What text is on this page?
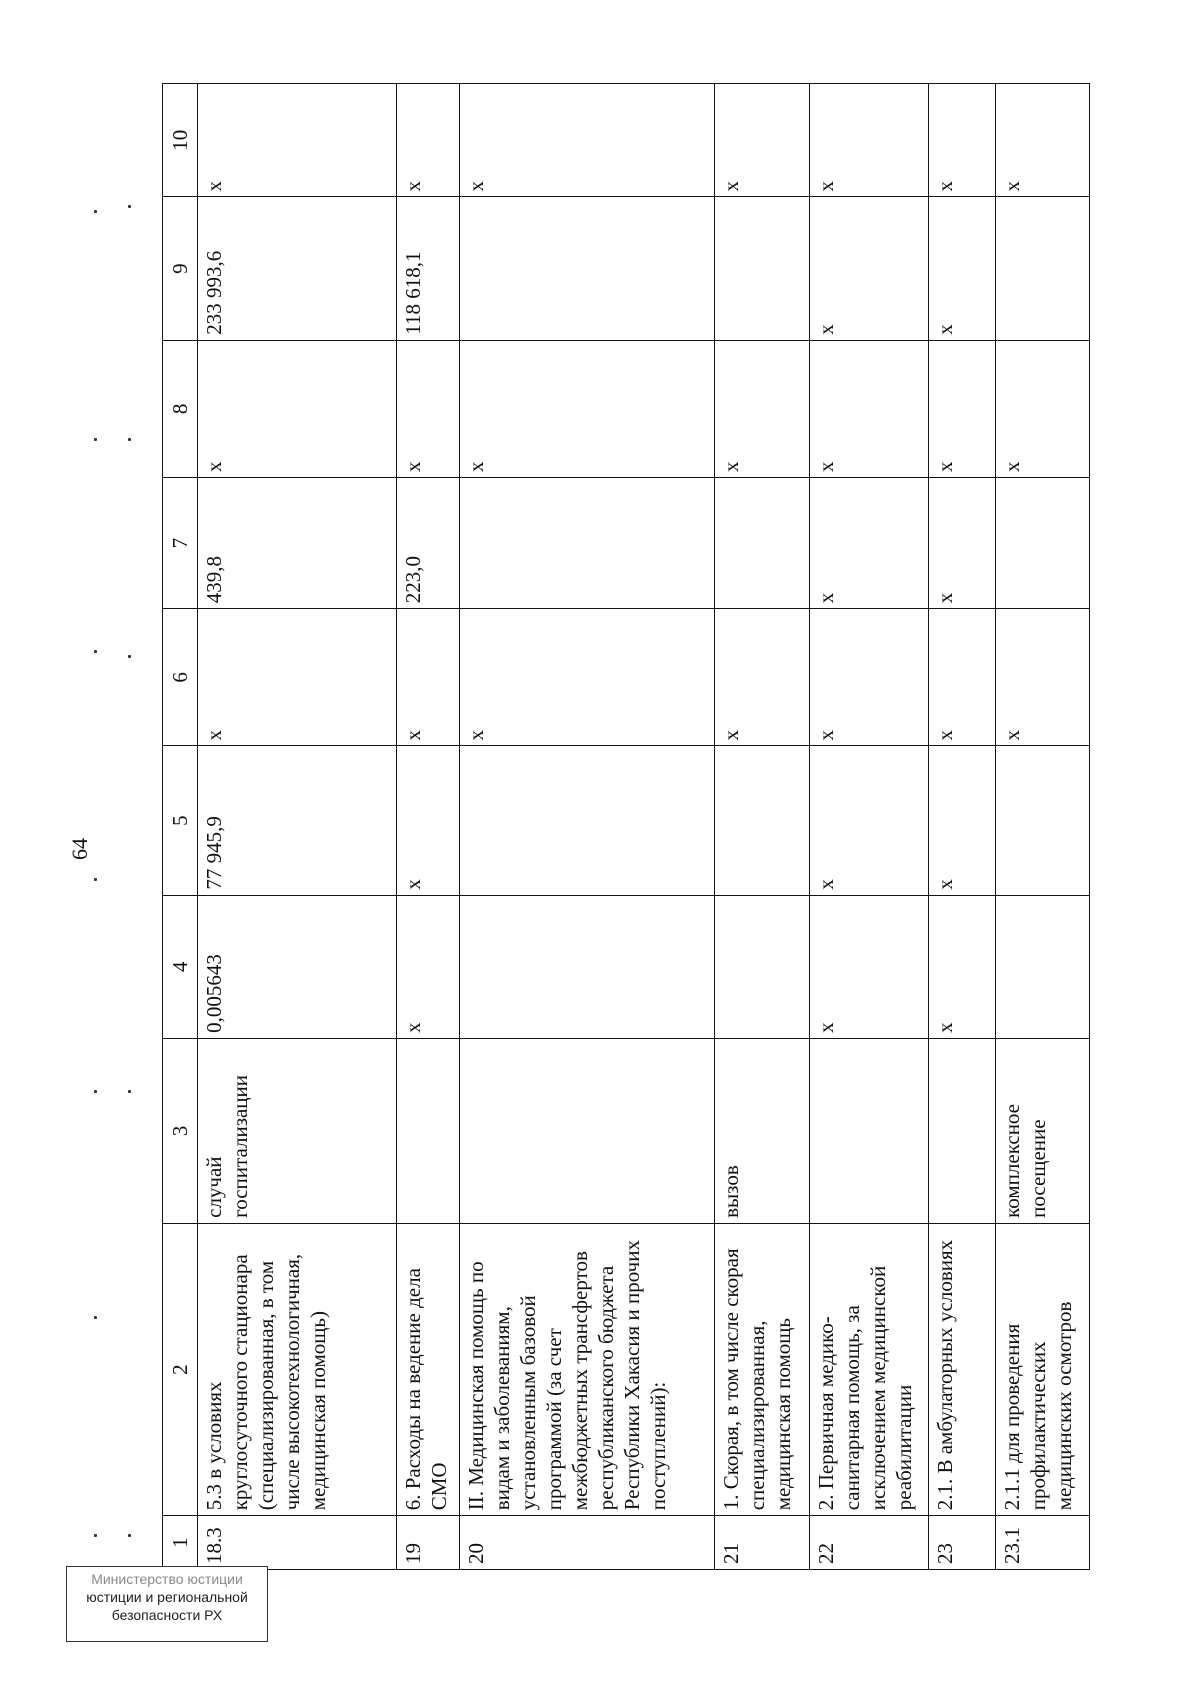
64
1	2	3	4	5	6	7	8	9	10
18.3	5.3 в условиях круглосуточного стационара (специализированная, в том числе высокотехнологичная, медицинская помощь)	случай госпитализации	0,005643	77 945,9	x	439,8	x	233 993,6	x
19	6. Расходы на ведение дела СМО		x	x	x	223,0	x	118 618,1	x
20	II. Медицинская помощь по видам и заболеваниям, установленным базовой программой (за счет межбюджетных трансфертов республиканского бюджета Республики Хакасия и прочих поступлений):				x		x		x
21	1. Скорая, в том числе скорая специализированная, медицинская помощь	вызов			x		x		x
22	2. Первичная медико-санитарная помощь, за исключением медицинской реабилитации		x	x	x	x	x	x	x
23	2.1. В амбулаторных условиях		x	x	x	x	x	x	x
23.1	2.1.1 для проведения профилактических медицинских осмотров	комплексное посещение			x		x		x
Министерство юстиции
юстиции и региональной
безопасности РХ
